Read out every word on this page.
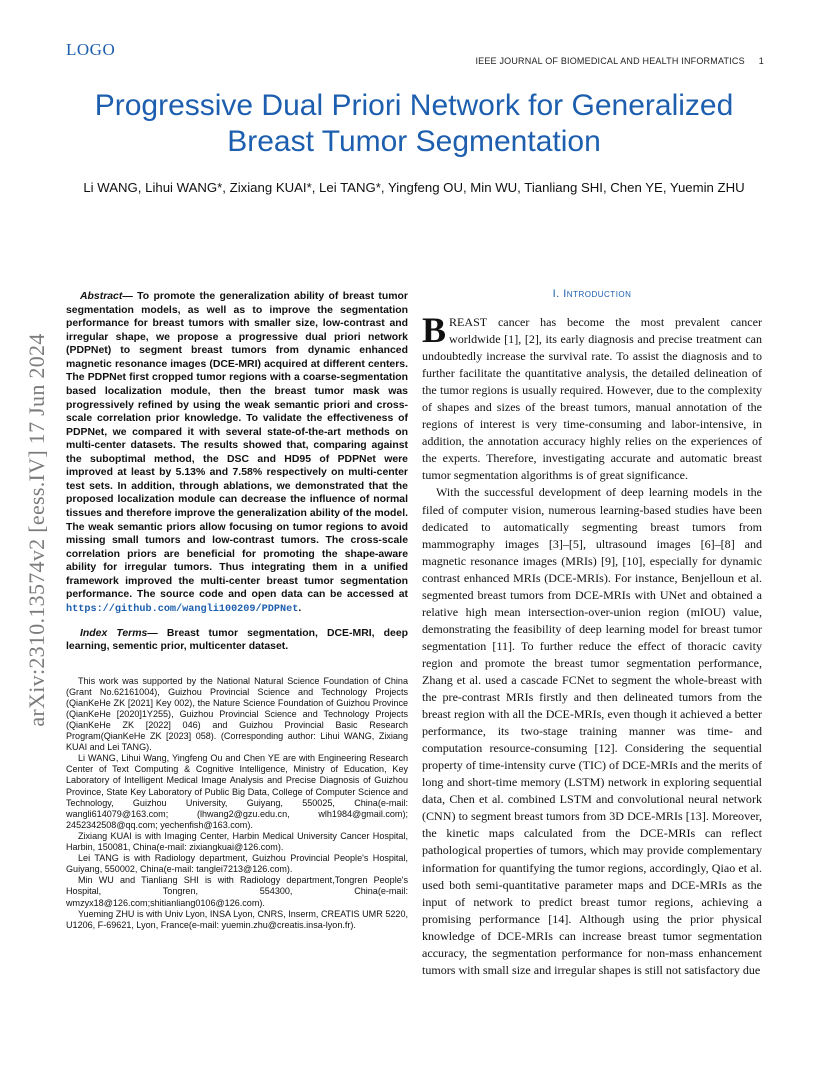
LOGO
IEEE JOURNAL OF BIOMEDICAL AND HEALTH INFORMATICS 1
Progressive Dual Priori Network for Generalized Breast Tumor Segmentation
Li WANG, Lihui WANG*, Zixiang KUAI*, Lei TANG*, Yingfeng OU, Min WU, Tianliang SHI, Chen YE, Yuemin ZHU
arXiv:2310.13574v2 [eess.IV] 17 Jun 2024

Abstract— To promote the generalization ability of breast tumor segmentation models, as well as to improve the segmentation performance for breast tumors with smaller size, low-contrast and irregular shape, we propose a progressive dual priori network (PDPNet) to segment breast tumors from dynamic enhanced magnetic resonance images (DCE-MRI) acquired at different centers. The PDPNet first cropped tumor regions with a coarse-segmentation based localization module, then the breast tumor mask was progressively refined by using the weak semantic priori and cross-scale correlation prior knowledge. To validate the effectiveness of PDPNet, we compared it with several state-of-the-art methods on multi-center datasets. The results showed that, comparing against the suboptimal method, the DSC and HD95 of PDPNet were improved at least by 5.13% and 7.58% respectively on multi-center test sets. In addition, through ablations, we demonstrated that the proposed localization module can decrease the influence of normal tissues and therefore improve the generalization ability of the model. The weak semantic priors allow focusing on tumor regions to avoid missing small tumors and low-contrast tumors. The cross-scale correlation priors are beneficial for promoting the shape-aware ability for irregular tumors. Thus integrating them in a unified framework improved the multi-center breast tumor segmentation performance. The source code and open data can be accessed at https://github.com/wangli100209/PDPNet.

Index Terms— Breast tumor segmentation, DCE-MRI, deep learning, sementic prior, multicenter dataset.

This work was supported by the National Natural Science Foundation of China (Grant No.62161004), Guizhou Provincial Science and Technology Projects (QianKeHe ZK [2021] Key 002), the Nature Science Foundation of Guizhou Province (QianKeHe [2020]1Y255), Guizhou Provincial Science and Technology Projects (QianKeHe ZK [2022] 046) and Guizhou Provincial Basic Research Program(QianKeHe ZK [2023] 058). (Corresponding author: Lihui WANG, Zixiang KUAI and Lei TANG).

Li WANG, Lihui Wang, Yingfeng Ou and Chen YE are with Engineering Research Center of Text Computing & Cognitive Intelligence, Ministry of Education, Key Laboratory of Intelligent Medical Image Analysis and Precise Diagnosis of Guizhou Province, State Key Laboratory of Public Big Data, College of Computer Science and Technology, Guizhou University, Guiyang, 550025, China(e-mail: wangli614079@163.com; (lhwang2@gzu.edu.cn, wlh1984@gmail.com); 2452342508@qq.com; yechenfish@163.com).

Zixiang KUAI is with Imaging Center, Harbin Medical University Cancer Hospital, Harbin, 150081, China(e-mail: zixiangkuai@126.com).

Lei TANG is with Radiology department, Guizhou Provincial People's Hospital, Guiyang, 550002, China(e-mail: tanglei7213@126.com).

Min WU and Tianliang SHI is with Radiology department,Tongren People's Hospital, Tongren, 554300, China(e-mail: wmzyx18@126.com;shitianliang0106@126.com).

Yueming ZHU is with Univ Lyon, INSA Lyon, CNRS, Inserm, CREATIS UMR 5220, U1206, F-69621, Lyon, France(e-mail: yuemin.zhu@creatis.insa-lyon.fr).

I. Introduction

BREAST cancer has become the most prevalent cancer worldwide [1], [2], its early diagnosis and precise treatment can undoubtedly increase the survival rate. To assist the diagnosis and to further facilitate the quantitative analysis, the detailed delineation of the tumor regions is usually required. However, due to the complexity of shapes and sizes of the breast tumors, manual annotation of the regions of interest is very time-consuming and labor-intensive, in addition, the annotation accuracy highly relies on the experiences of the experts. Therefore, investigating accurate and automatic breast tumor segmentation algorithms is of great significance.

With the successful development of deep learning models in the filed of computer vision, numerous learning-based studies have been dedicated to automatically segmenting breast tumors from mammography images [3]–[5], ultrasound images [6]–[8] and magnetic resonance images (MRIs) [9], [10], especially for dynamic contrast enhanced MRIs (DCE-MRIs). For instance, Benjelloun et al. segmented breast tumors from DCE-MRIs with UNet and obtained a relative high mean intersection-over-union region (mIOU) value, demonstrating the feasibility of deep learning model for breast tumor segmentation [11]. To further reduce the effect of thoracic cavity region and promote the breast tumor segmentation performance, Zhang et al. used a cascade FCNet to segment the whole-breast with the pre-contrast MRIs firstly and then delineated tumors from the breast region with all the DCE-MRIs, even though it achieved a better performance, its two-stage training manner was time- and computation resource-consuming [12]. Considering the sequential property of time-intensity curve (TIC) of DCE-MRIs and the merits of long and short-time memory (LSTM) network in exploring sequential data, Chen et al. combined LSTM and convolutional neural network (CNN) to segment breast tumors from 3D DCE-MRIs [13]. Moreover, the kinetic maps calculated from the DCE-MRIs can reflect pathological properties of tumors, which may provide complementary information for quantifying the tumor regions, accordingly, Qiao et al. used both semi-quantitative parameter maps and DCE-MRIs as the input of network to predict breast tumor regions, achieving a promising performance [14]. Although using the prior physical knowledge of DCE-MRIs can increase breast tumor segmentation accuracy, the segmentation performance for non-mass enhancement tumors with small size and irregular shapes is still not satisfactory due
